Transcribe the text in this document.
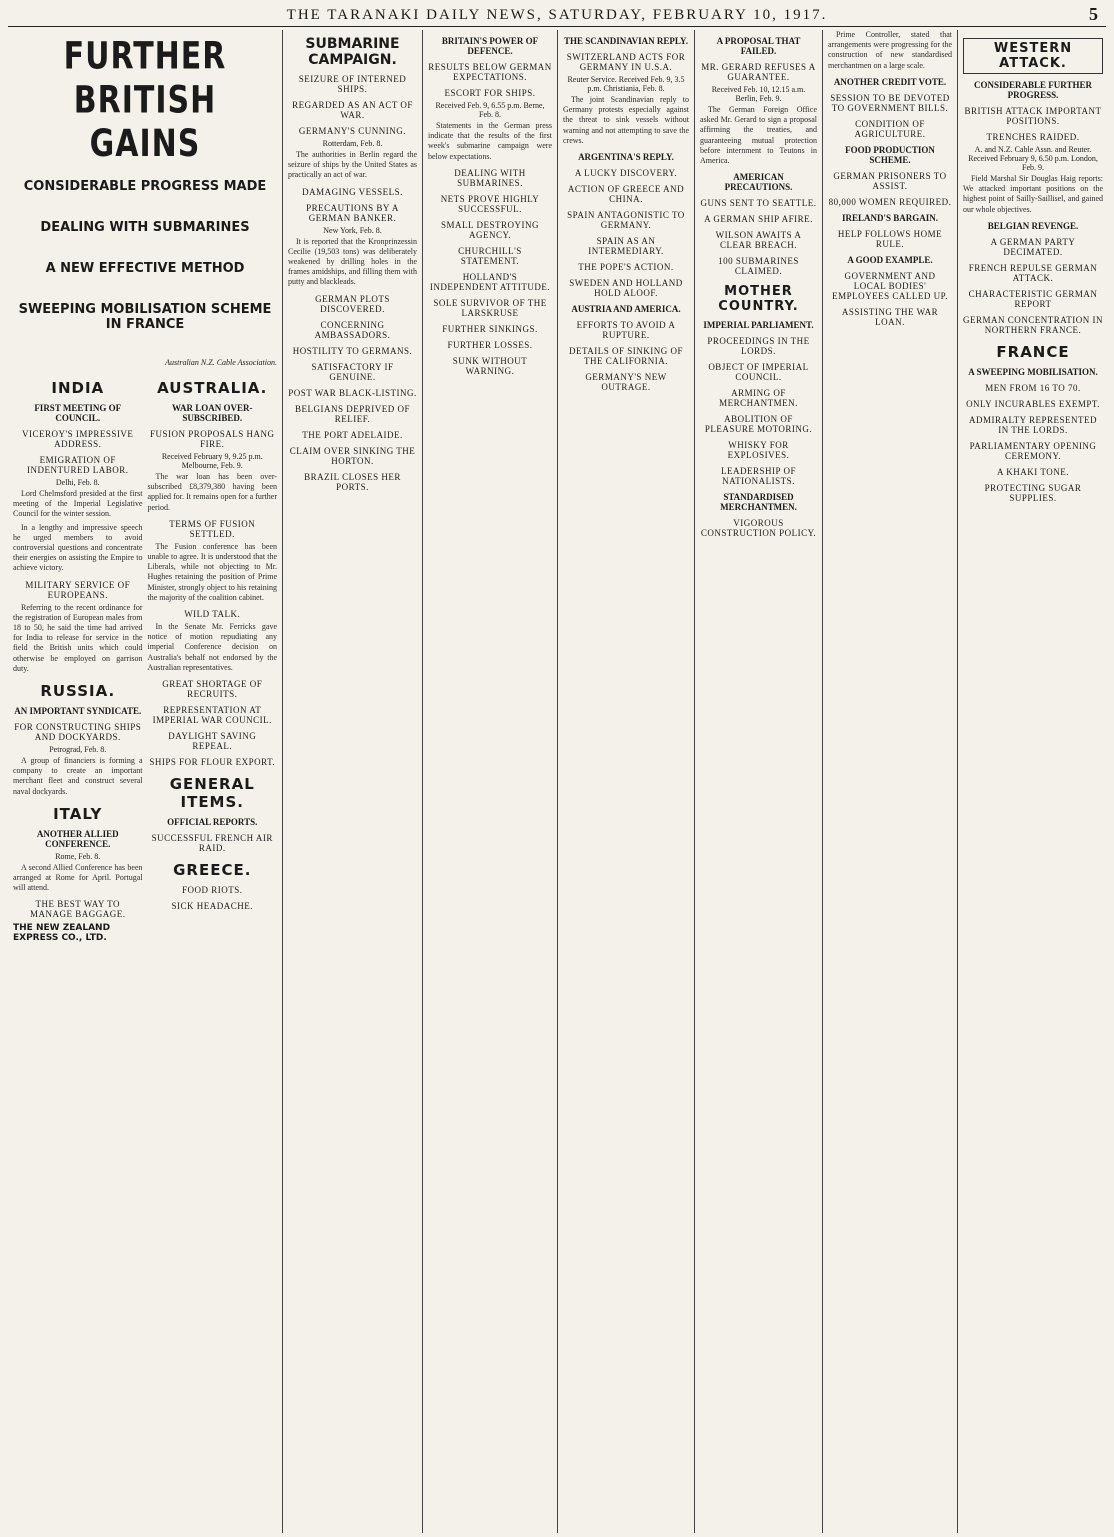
THE TARANAKI DAILY NEWS, SATURDAY, FEBRUARY 10, 1917.	5
FURTHER BRITISH GAINS
CONSIDERABLE PROGRESS MADE
DEALING WITH SUBMARINES
A NEW EFFECTIVE METHOD
SWEEPING MOBILISATION SCHEME IN FRANCE
Australian N.Z. Cable Association.
INDIA
FIRST MEETING OF COUNCIL.
VICEROY'S IMPRESSIVE ADDRESS.
EMIGRATION OF INDENTURED LABOR.
Delhi, Feb. 8.

Lord Chelmsford presided at the first meeting of the Imperial Legislative Council for the winter session.

In a lengthy and impressive speech he urged members to avoid controversial questions and concentrate their energies on assisting the Empire to achieve victory.

MILITARY SERVICE OF EUROPEANS.

Referring to the recent ordinance for the registration of European males from 18 to 50, he said the time had arrived for India to release for service in the field the British units which could otherwise be employed on garrison duty.

RUSSIA.
AN IMPORTANT SYNDICATE.
FOR CONSTRUCTING SHIPS AND DOCKYARDS.
Petrograd, Feb. 8.

A group of financiers is forming a company to create an important merchant fleet and construct several naval dockyards.

ITALY
ANOTHER ALLIED CONFERENCE.
Rome, Feb. 8.

A second Allied Conference has been arranged at Rome for April. Portugal will attend.

THE BEST WAY TO MANAGE BAGGAGE.
THE NEW ZEALAND EXPRESS CO., LTD.
AUSTRALIA.
WAR LOAN OVER-SUBSCRIBED.
FUSION PROPOSALS HANG FIRE.
Received February 9, 9.25 p.m. Melbourne, Feb. 9.

The war loan has been over-subscribed £8,379,380 having been applied for. It remains open for a further period.

TERMS OF FUSION SETTLED.

The Fusion conference has been unable to agree. It is understood that the Liberals, while not objecting to Mr. Hughes retaining the position of Prime Minister, strongly object to his retaining the majority of the coalition cabinet.

WILD TALK.

In the Senate Mr. Ferricks gave notice of motion repudiating any imperial Conference decision on Australia's behalf not endorsed by the Australian representatives.

GREAT SHORTAGE OF RECRUITS.
REPRESENTATION AT IMPERIAL WAR COUNCIL.
DAYLIGHT SAVING REPEAL.
SHIPS FOR FLOUR EXPORT.
GENERAL ITEMS.
OFFICIAL REPORTS.
SUCCESSFUL FRENCH AIR RAID.
GREECE.
FOOD RIOTS.
SICK HEADACHE.
SUBMARINE CAMPAIGN.
SEIZURE OF INTERNED SHIPS.
REGARDED AS AN ACT OF WAR.
GERMANY'S CUNNING.
Rotterdam, Feb. 8.

The authorities in Berlin regard the seizure of ships by the United States as practically an act of war.

DAMAGING VESSELS.
PRECAUTIONS BY A GERMAN BANKER.
New York, Feb. 8.

It is reported that the Kronprinzessin Cecilie (19,503 tons) was deliberately weakened by drilling holes in the frames amidships, and filling them with putty and blackleads.

GERMAN PLOTS DISCOVERED.
CONCERNING AMBASSADORS.
HOSTILITY TO GERMANS.
SATISFACTORY IF GENUINE.
POST WAR BLACK-LISTING.
BELGIANS DEPRIVED OF RELIEF.
THE PORT ADELAIDE.
CLAIM OVER SINKING THE HORTON.
BRAZIL CLOSES HER PORTS.
BRITAIN'S POWER OF DEFENCE.
RESULTS BELOW GERMAN EXPECTATIONS.
ESCORT FOR SHIPS.
Received Feb. 9, 6.55 p.m. Berne, Feb. 8.

Statements in the German press indicate that the results of the first week's submarine campaign were below expectations.

DEALING WITH SUBMARINES.
NETS PROVE HIGHLY SUCCESSFUL.
SMALL DESTROYING AGENCY.
CHURCHILL'S STATEMENT.
HOLLAND'S INDEPENDENT ATTITUDE.
SOLE SURVIVOR OF THE LARSKRUSE
FURTHER SINKINGS.
FURTHER LOSSES.
SUNK WITHOUT WARNING.
THE SCANDINAVIAN REPLY.
SWITZERLAND ACTS FOR GERMANY IN U.S.A.
Reuter Service. Received Feb. 9, 3.5 p.m. Christiania, Feb. 8.

The joint Scandinavian reply to Germany protests especially against the threat to sink vessels without warning and not attempting to save the crews.

ARGENTINA'S REPLY.
A LUCKY DISCOVERY.
ACTION OF GREECE AND CHINA.
SPAIN ANTAGONISTIC TO GERMANY.
SPAIN AS AN INTERMEDIARY.
THE POPE'S ACTION.
SWEDEN AND HOLLAND HOLD ALOOF.
AUSTRIA AND AMERICA.
EFFORTS TO AVOID A RUPTURE.
DETAILS OF SINKING OF THE CALIFORNIA.
GERMANY'S NEW OUTRAGE.
A PROPOSAL THAT FAILED.
MR. GERARD REFUSES A GUARANTEE.
Received Feb. 10, 12.15 a.m. Berlin, Feb. 9.

The German Foreign Office asked Mr. Gerard to sign a proposal affirming the treaties, and guaranteeing mutual protection before internment to Teutons in America.

AMERICAN PRECAUTIONS.
GUNS SENT TO SEATTLE.
A GERMAN SHIP AFIRE.
WILSON AWAITS A CLEAR BREACH.
100 SUBMARINES CLAIMED.
MOTHER COUNTRY.
IMPERIAL PARLIAMENT.
PROCEEDINGS IN THE LORDS.
OBJECT OF IMPERIAL COUNCIL.
ARMING OF MERCHANTMEN.
ABOLITION OF PLEASURE MOTORING.
WHISKY FOR EXPLOSIVES.
LEADERSHIP OF NATIONALISTS.
STANDARDISED MERCHANTMEN.
VIGOROUS CONSTRUCTION POLICY.

Prime Controller, stated that arrangements were progressing for the construction of new standardised merchantmen on a large scale.

ANOTHER CREDIT VOTE.
SESSION TO BE DEVOTED TO GOVERNMENT BILLS.
CONDITION OF AGRICULTURE.
FOOD PRODUCTION SCHEME.
GERMAN PRISONERS TO ASSIST.
80,000 WOMEN REQUIRED.
IRELAND'S BARGAIN.
HELP FOLLOWS HOME RULE.
A GOOD EXAMPLE.
GOVERNMENT AND LOCAL BODIES' EMPLOYEES CALLED UP.
ASSISTING THE WAR LOAN.
WESTERN ATTACK.
CONSIDERABLE FURTHER PROGRESS.
BRITISH ATTACK IMPORTANT POSITIONS.
TRENCHES RAIDED.
A. and N.Z. Cable Assn. and Reuter. Received February 9, 6.50 p.m. London, Feb. 9.

Field Marshal Sir Douglas Haig reports: We attacked important positions on the highest point of Sailly-Saillisel, and gained our whole objectives.

BELGIAN REVENGE.
A GERMAN PARTY DECIMATED.
FRENCH REPULSE GERMAN ATTACK.
CHARACTERISTIC GERMAN REPORT
GERMAN CONCENTRATION IN NORTHERN FRANCE.
FRANCE
A SWEEPING MOBILISATION.
MEN FROM 16 TO 70.
ONLY INCURABLES EXEMPT.
ADMIRALTY REPRESENTED IN THE LORDS.
PARLIAMENTARY OPENING CEREMONY.
A KHAKI TONE.
PROTECTING SUGAR SUPPLIES.
